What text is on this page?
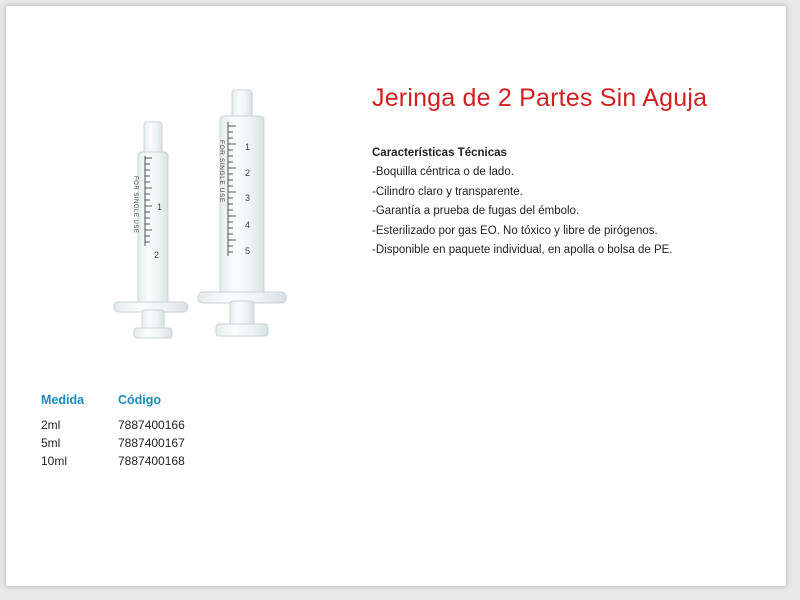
Jeringa de 2 Partes Sin Aguja
Características Técnicas
-Boquilla céntrica o de lado.
-Cilindro claro y transparente.
-Garantía a prueba de fugas del émbolo.
-Esterilizado por gas EO. No tóxico y libre de pirógenos.
-Disponible en paquete individual, en apolla o bolsa de PE.
1
2
FOR SINGLE USE
1
2
3
4
5
FOR SINGLE USE
Medida	Código
2ml	7887400166
5ml	7887400167
10ml	7887400168
